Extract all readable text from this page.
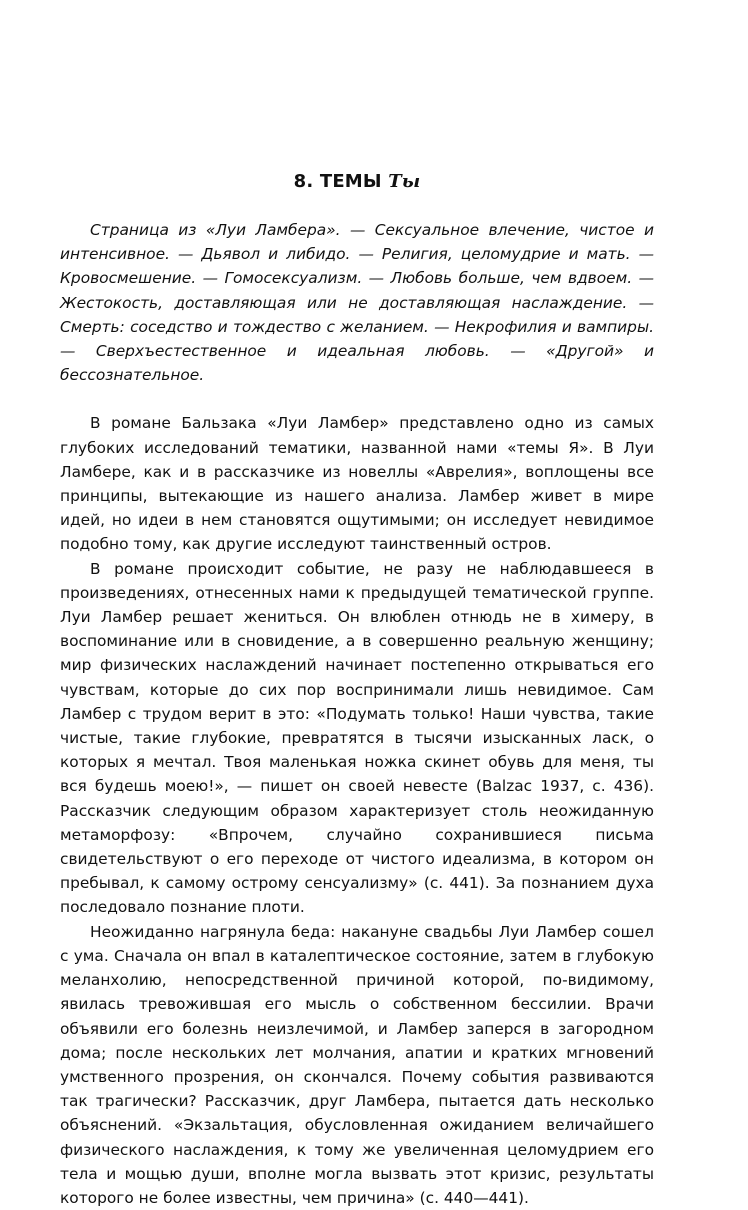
8. ТЕМЫ Ты

Страница из «Луи Ламбера». — Сексуальное влечение, чистое и интенсивное. — Дьявол и либидо. — Религия, целомудрие и мать. — Кровосмешение. — Гомосексуализм. — Любовь больше, чем вдвоем. — Жестокость, доставляющая или не доставляющая наслаждение. — Смерть: соседство и тождество с желанием. — Некрофилия и вампиры. — Сверхъестественное и идеальная любовь. — «Другой» и бессознательное.

В романе Бальзака «Луи Ламбер» представлено одно из самых глубоких исследований тематики, названной нами «темы Я». В Луи Ламбере, как и в рассказчике из новеллы «Аврелия», воплощены все принципы, вытекающие из нашего анализа. Ламбер живет в мире идей, но идеи в нем становятся ощутимыми; он исследует невидимое подобно тому, как другие исследуют таинственный остров.

В романе происходит событие, не разу не наблюдавшееся в произведениях, отнесенных нами к предыдущей тематической группе. Луи Ламбер решает жениться. Он влюблен отнюдь не в химеру, в воспоминание или в сновидение, а в совершенно реальную женщину; мир физических наслаждений начинает постепенно открываться его чувствам, которые до сих пор воспринимали лишь невидимое. Сам Ламбер с трудом верит в это: «Подумать только! Наши чувства, такие чистые, такие глубокие, превратятся в тысячи изысканных ласк, о которых я мечтал. Твоя маленькая ножка скинет обувь для меня, ты вся будешь моею!», — пишет он своей невесте (Balzac 1937, с. 436). Рассказчик следующим образом характеризует столь неожиданную метаморфозу: «Впрочем, случайно сохранившиеся письма свидетельствуют о его переходе от чистого идеализма, в котором он пребывал, к самому острому сенсуализму» (с. 441). За познанием духа последовало познание плоти.

Неожиданно нагрянула беда: накануне свадьбы Луи Ламбер сошел с ума. Сначала он впал в каталептическое состояние, затем в глубокую меланхолию, непосредственной причиной которой, по-видимому, явилась тревожившая его мысль о собственном бессилии. Врачи объявили его болезнь неизлечимой, и Ламбер заперся в загородном дома; после нескольких лет молчания, апатии и кратких мгновений умственного прозрения, он скончался. Почему события развиваются так трагически? Рассказчик, друг Ламбера, пытается дать несколько объяснений. «Экзальтация, обусловленная ожиданием величайшего физического наслаждения, к тому же увеличенная целомудрием его тела и мощью души, вполне могла вызвать этот кризис, результаты которого не более известны, чем причина» (с. 440—441).
